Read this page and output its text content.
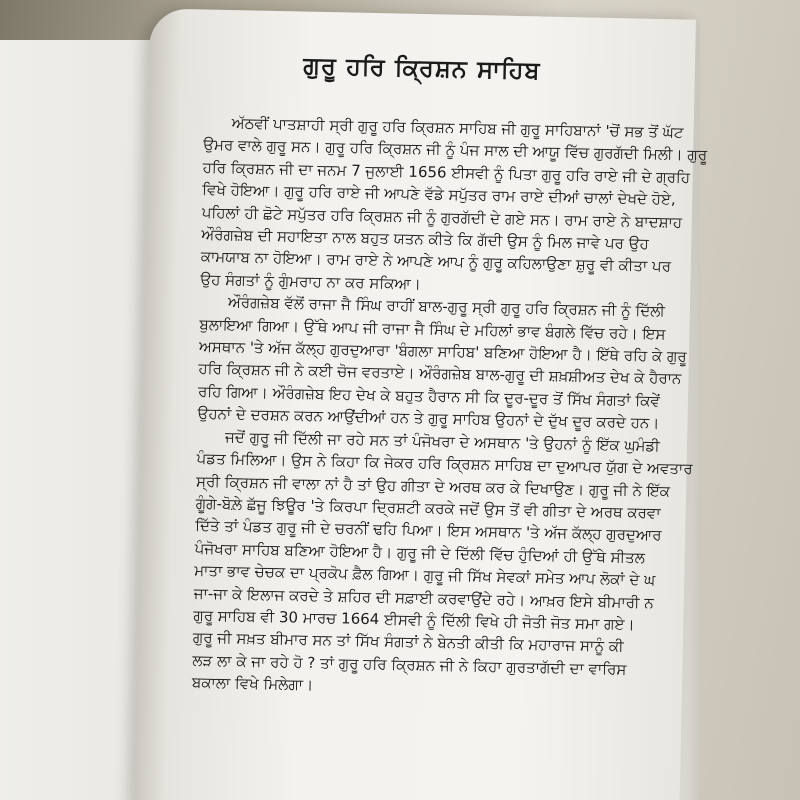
ਗੁਰੂ ਹਰਿ ਕ੍ਰਿਸ਼ਨ ਸਾਹਿਬ
ਅੱਠਵੀਂ ਪਾਤਸ਼ਾਹੀ ਸ੍ਰੀ ਗੁਰੂ ਹਰਿ ਕ੍ਰਿਸ਼ਨ ਸਾਹਿਬ ਜੀ ਗੁਰੂ ਸਾਹਿਬਾਨਾਂ 'ਚੋਂ ਸਭ ਤੋਂ ਘੱਟ
ਉਮਰ ਵਾਲੇ ਗੁਰੂ ਸਨ। ਗੁਰੂ ਹਰਿ ਕ੍ਰਿਸ਼ਨ ਜੀ ਨੂੰ ਪੰਜ ਸਾਲ ਦੀ ਆਯੂ ਵਿੱਚ ਗੁਰਗੱਦੀ ਮਿਲੀ। ਗੁਰੂ
ਹਰਿ ਕ੍ਰਿਸ਼ਨ ਜੀ ਦਾ ਜਨਮ 7 ਜੁਲਾਈ 1656 ਈਸਵੀ ਨੂੰ ਪਿਤਾ ਗੁਰੂ ਹਰਿ ਰਾਏ ਜੀ ਦੇ ਗ੍ਰਹਿ
ਵਿਖੇ ਹੋਇਆ। ਗੁਰੂ ਹਰਿ ਰਾਏ ਜੀ ਆਪਣੇ ਵੱਡੇ ਸਪੁੱਤਰ ਰਾਮ ਰਾਏ ਦੀਆਂ ਚਾਲਾਂ ਦੇਖਦੇ ਹੋਏ,
ਪਹਿਲਾਂ ਹੀ ਛੋਟੇ ਸਪੁੱਤਰ ਹਰਿ ਕ੍ਰਿਸ਼ਨ ਜੀ ਨੂੰ ਗੁਰਗੱਦੀ ਦੇ ਗਏ ਸਨ। ਰਾਮ ਰਾਏ ਨੇ ਬਾਦਸ਼ਾਹ
ਔਰੰਗਜ਼ੇਬ ਦੀ ਸਹਾਇਤਾ ਨਾਲ ਬਹੁਤ ਯਤਨ ਕੀਤੇ ਕਿ ਗੱਦੀ ਉਸ ਨੂੰ ਮਿਲ ਜਾਵੇ ਪਰ ਉਹ
ਕਾਮਯਾਬ ਨਾ ਹੋਇਆ। ਰਾਮ ਰਾਏ ਨੇ ਆਪਣੇ ਆਪ ਨੂੰ ਗੁਰੂ ਕਹਿਲਾਉਣਾ ਸ਼ੁਰੂ ਵੀ ਕੀਤਾ ਪਰ
ਉਹ ਸੰਗਤਾਂ ਨੂੰ ਗੁੰਮਰਾਹ ਨਾ ਕਰ ਸਕਿਆ।
ਔਰੰਗਜ਼ੇਬ ਵੱਲੋਂ ਰਾਜਾ ਜੈ ਸਿੰਘ ਰਾਹੀਂ ਬਾਲ-ਗੁਰੂ ਸ੍ਰੀ ਗੁਰੂ ਹਰਿ ਕ੍ਰਿਸ਼ਨ ਜੀ ਨੂੰ ਦਿੱਲੀ
ਬੁਲਾਇਆ ਗਿਆ। ਉੱਥੇ ਆਪ ਜੀ ਰਾਜਾ ਜੈ ਸਿੰਘ ਦੇ ਮਹਿਲਾਂ ਭਾਵ ਬੰਗਲੇ ਵਿੱਚ ਰਹੇ। ਇਸ
ਅਸਥਾਨ 'ਤੇ ਅੱਜ ਕੱਲ੍ਹ ਗੁਰਦੁਆਰਾ 'ਬੰਗਲਾ ਸਾਹਿਬ' ਬਣਿਆ ਹੋਇਆ ਹੈ। ਇੱਥੇ ਰਹਿ ਕੇ ਗੁਰੂ
ਹਰਿ ਕ੍ਰਿਸ਼ਨ ਜੀ ਨੇ ਕਈ ਚੋਜ ਵਰਤਾਏ। ਔਰੰਗਜ਼ੇਬ ਬਾਲ-ਗੁਰੂ ਦੀ ਸ਼ਖ਼ਸ਼ੀਅਤ ਦੇਖ ਕੇ ਹੈਰਾਨ
ਰਹਿ ਗਿਆ। ਔਰੰਗਜ਼ੇਬ ਇਹ ਦੇਖ ਕੇ ਬਹੁਤ ਹੈਰਾਨ ਸੀ ਕਿ ਦੂਰ-ਦੂਰ ਤੋਂ ਸਿੱਖ ਸੰਗਤਾਂ ਕਿਵੇਂ
ਉਹਨਾਂ ਦੇ ਦਰਸ਼ਨ ਕਰਨ ਆਉਂਦੀਆਂ ਹਨ ਤੇ ਗੁਰੂ ਸਾਹਿਬ ਉਹਨਾਂ ਦੇ ਦੁੱਖ ਦੂਰ ਕਰਦੇ ਹਨ।
ਜਦੋਂ ਗੁਰੂ ਜੀ ਦਿੱਲੀ ਜਾ ਰਹੇ ਸਨ ਤਾਂ ਪੰਜੋਖਰਾ ਦੇ ਅਸਥਾਨ 'ਤੇ ਉਹਨਾਂ ਨੂੰ ਇੱਕ ਘੁਮੰਡੀ
ਪੰਡਤ ਮਿਲਿਆ। ਉਸ ਨੇ ਕਿਹਾ ਕਿ ਜੇਕਰ ਹਰਿ ਕ੍ਰਿਸ਼ਨ ਸਾਹਿਬ ਦਾ ਦੁਆਪਰ ਯੁੱਗ ਦੇ ਅਵਤਾਰ
ਸ੍ਰੀ ਕ੍ਰਿਸ਼ਨ ਜੀ ਵਾਲਾ ਨਾਂ ਹੈ ਤਾਂ ਉਹ ਗੀਤਾ ਦੇ ਅਰਥ ਕਰ ਕੇ ਦਿਖਾਉਣ। ਗੁਰੂ ਜੀ ਨੇ ਇੱਕ
ਗੂੰਗੇ-ਬੋਲ਼ੇ ਛੱਜੂ ਝਿਊਰ 'ਤੇ ਕਿਰਪਾ ਦ੍ਰਿਸ਼ਟੀ ਕਰਕੇ ਜਦੋਂ ਉਸ ਤੋਂ ਵੀ ਗੀਤਾ ਦੇ ਅਰਥ ਕਰਵਾ
ਦਿੱਤੇ ਤਾਂ ਪੰਡਤ ਗੁਰੂ ਜੀ ਦੇ ਚਰਨੀਂ ਢਹਿ ਪਿਆ। ਇਸ ਅਸਥਾਨ 'ਤੇ ਅੱਜ ਕੱਲ੍ਹ ਗੁਰਦੁਆਰ
ਪੰਜੋਖਰਾ ਸਾਹਿਬ ਬਣਿਆ ਹੋਇਆ ਹੈ। ਗੁਰੂ ਜੀ ਦੇ ਦਿੱਲੀ ਵਿੱਚ ਹੁੰਦਿਆਂ ਹੀ ਉੱਥੇ ਸੀਤਲ
ਮਾਤਾ ਭਾਵ ਚੇਚਕ ਦਾ ਪ੍ਰਕੋਪ ਫ਼ੈਲ ਗਿਆ। ਗੁਰੂ ਜੀ ਸਿੱਖ ਸੇਵਕਾਂ ਸਮੇਤ ਆਪ ਲੋਕਾਂ ਦੇ ਘ
ਜਾ-ਜਾ ਕੇ ਇਲਾਜ ਕਰਦੇ ਤੇ ਸ਼ਹਿਰ ਦੀ ਸਫ਼ਾਈ ਕਰਵਾਉਂਦੇ ਰਹੇ। ਆਖ਼ਰ ਇਸੇ ਬੀਮਾਰੀ ਨ
ਗੁਰੂ ਸਾਹਿਬ ਵੀ 30 ਮਾਰਚ 1664 ਈਸਵੀ ਨੂੰ ਦਿੱਲੀ ਵਿਖੇ ਹੀ ਜੋਤੀ ਜੋਤ ਸਮਾ ਗਏ।
ਗੁਰੂ ਜੀ ਸਖ਼ਤ ਬੀਮਾਰ ਸਨ ਤਾਂ ਸਿੱਖ ਸੰਗਤਾਂ ਨੇ ਬੇਨਤੀ ਕੀਤੀ ਕਿ ਮਹਾਰਾਜ ਸਾਨੂੰ ਕੀ
ਲੜ ਲਾ ਕੇ ਜਾ ਰਹੇ ਹੋ ? ਤਾਂ ਗੁਰੂ ਹਰਿ ਕ੍ਰਿਸ਼ਨ ਜੀ ਨੇ ਕਿਹਾ ਗੁਰਤਾਗੱਦੀ ਦਾ ਵਾਰਿਸ
ਬਕਾਲਾ ਵਿਖੇ ਮਿਲੇਗਾ।
